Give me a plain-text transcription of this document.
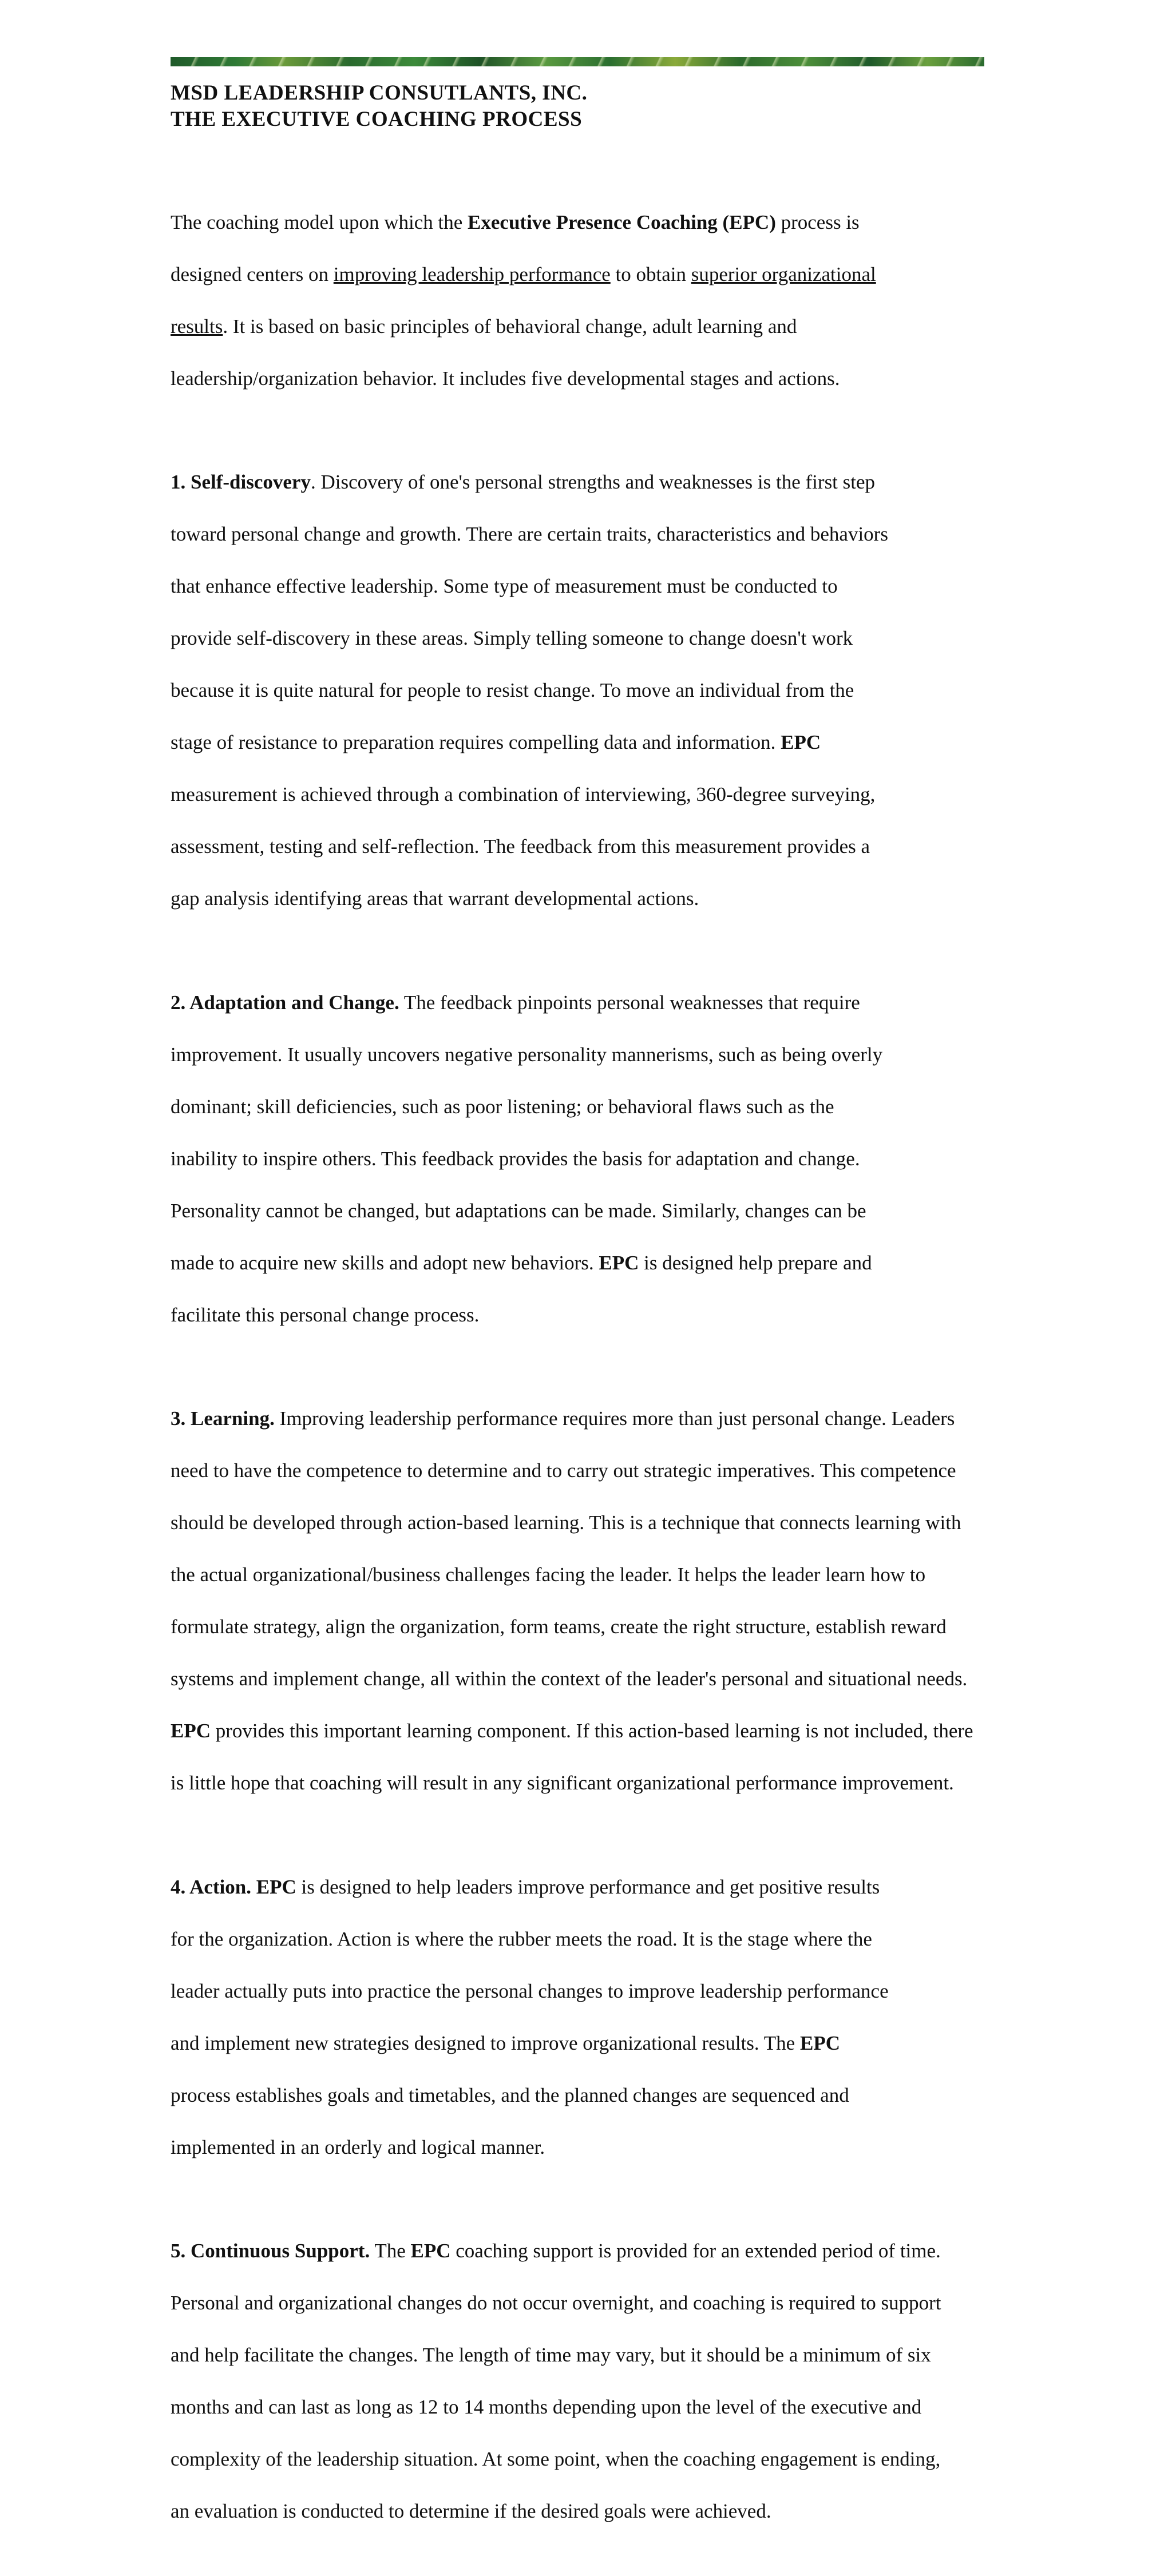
MSD LEADERSHIP CONSUTLANTS, INC.
THE EXECUTIVE COACHING PROCESS

The coaching model upon which the Executive Presence Coaching (EPC) process is

designed centers on improving leadership performance to obtain superior organizational

results. It is based on basic principles of behavioral change, adult learning and

leadership/organization behavior. It includes five developmental stages and actions.

1. Self-discovery. Discovery of one's personal strengths and weaknesses is the first step

toward personal change and growth. There are certain traits, characteristics and behaviors

that enhance effective leadership. Some type of measurement must be conducted to

provide self-discovery in these areas. Simply telling someone to change doesn't work

because it is quite natural for people to resist change. To move an individual from the

stage of resistance to preparation requires compelling data and information. EPC

measurement is achieved through a combination of interviewing, 360-degree surveying,

assessment, testing and self-reflection. The feedback from this measurement provides a

gap analysis identifying areas that warrant developmental actions.

2. Adaptation and Change. The feedback pinpoints personal weaknesses that require

improvement. It usually uncovers negative personality mannerisms, such as being overly

dominant; skill deficiencies, such as poor listening; or behavioral flaws such as the

inability to inspire others. This feedback provides the basis for adaptation and change.

Personality cannot be changed, but adaptations can be made. Similarly, changes can be

made to acquire new skills and adopt new behaviors. EPC is designed help prepare and

facilitate this personal change process.

3. Learning. Improving leadership performance requires more than just personal change. Leaders

need to have the competence to determine and to carry out strategic imperatives. This competence

should be developed through action-based learning. This is a technique that connects learning with

the actual organizational/business challenges facing the leader. It helps the leader learn how to

formulate strategy, align the organization, form teams, create the right structure, establish reward

systems and implement change, all within the context of the leader's personal and situational needs.

EPC provides this important learning component. If this action-based learning is not included, there

is little hope that coaching will result in any significant organizational performance improvement.

4. Action. EPC is designed to help leaders improve performance and get positive results

for the organization. Action is where the rubber meets the road. It is the stage where the

leader actually puts into practice the personal changes to improve leadership performance

and implement new strategies designed to improve organizational results. The EPC

process establishes goals and timetables, and the planned changes are sequenced and

implemented in an orderly and logical manner.

5. Continuous Support. The EPC coaching support is provided for an extended period of time.

Personal and organizational changes do not occur overnight, and coaching is required to support

and help facilitate the changes. The length of time may vary, but it should be a minimum of six

months and can last as long as 12 to 14 months depending upon the level of the executive and

complexity of the leadership situation. At some point, when the coaching engagement is ending,

an evaluation is conducted to determine if the desired goals were achieved.
